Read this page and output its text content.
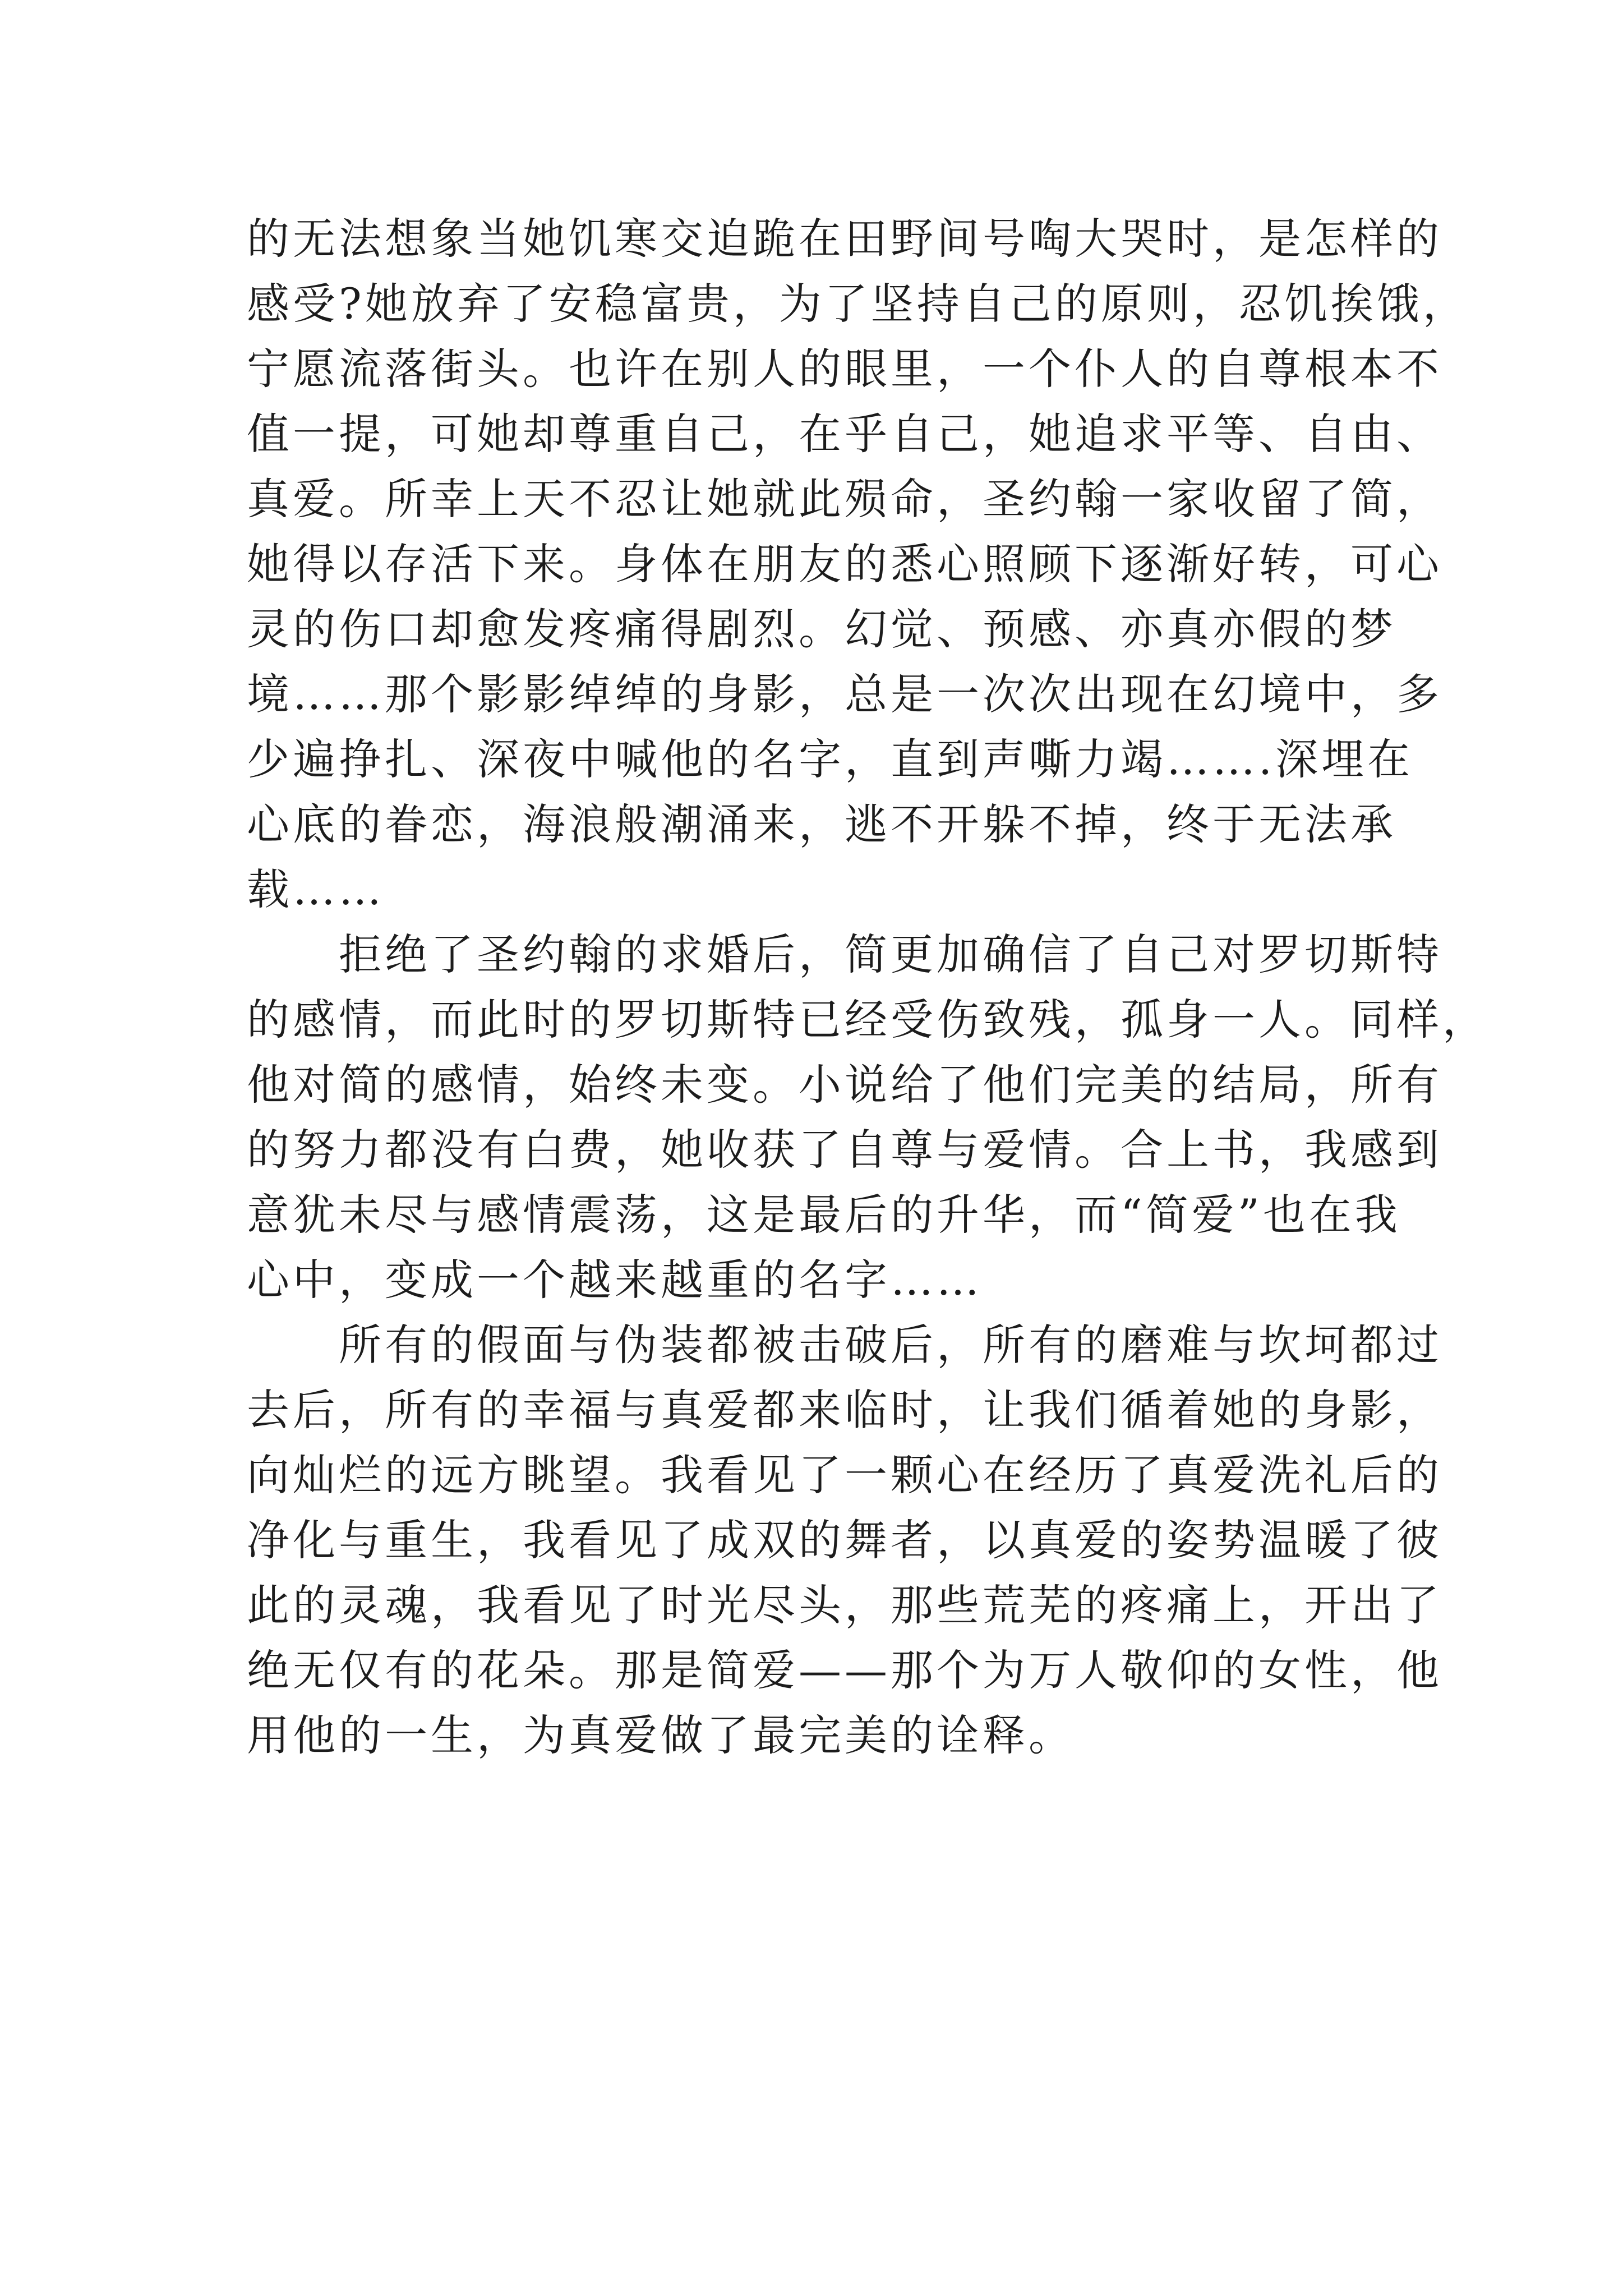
的无法想象当她饥寒交迫跪在田野间号啕大哭时，是怎样的
感受?她放弃了安稳富贵，为了坚持自己的原则，忍饥挨饿，
宁愿流落街头。也许在别人的眼里，一个仆人的自尊根本不
值一提，可她却尊重自己，在乎自己，她追求平等、自由、
真爱。所幸上天不忍让她就此殒命，圣约翰一家收留了简，
她得以存活下来。身体在朋友的悉心照顾下逐渐好转，可心
灵的伤口却愈发疼痛得剧烈。幻觉、预感、亦真亦假的梦
境……那个影影绰绰的身影，总是一次次出现在幻境中，多
少遍挣扎、深夜中喊他的名字，直到声嘶力竭…….深埋在
心底的眷恋，海浪般潮涌来，逃不开躲不掉，终于无法承
载……
　　拒绝了圣约翰的求婚后，简更加确信了自己对罗切斯特
的感情，而此时的罗切斯特已经受伤致残，孤身一人。同样，
他对简的感情，始终未变。小说给了他们完美的结局，所有
的努力都没有白费，她收获了自尊与爱情。合上书，我感到
意犹未尽与感情震荡，这是最后的升华，而“简爱”也在我
心中，变成一个越来越重的名字……
　　所有的假面与伪装都被击破后，所有的磨难与坎坷都过
去后，所有的幸福与真爱都来临时，让我们循着她的身影，
向灿烂的远方眺望。我看见了一颗心在经历了真爱洗礼后的
净化与重生，我看见了成双的舞者，以真爱的姿势温暖了彼
此的灵魂，我看见了时光尽头，那些荒芜的疼痛上，开出了
绝无仅有的花朵。那是简爱——那个为万人敬仰的女性，他
用他的一生，为真爱做了最完美的诠释。
